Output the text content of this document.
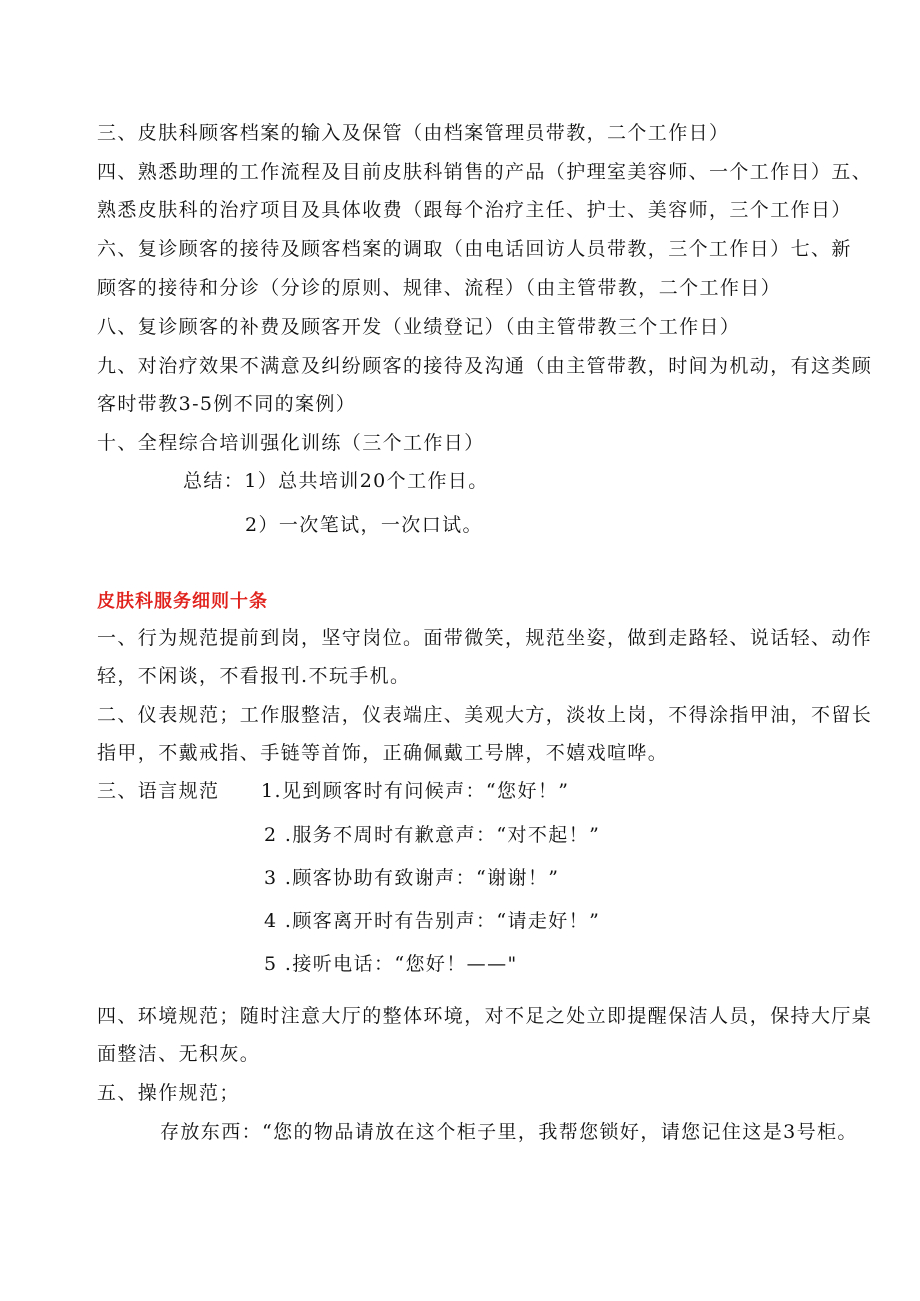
三、皮肤科顾客档案的输入及保管（由档案管理员带教，二个工作日）
四、熟悉助理的工作流程及目前皮肤科销售的产品（护理室美容师、一个工作日）五、
熟悉皮肤科的治疗项目及具体收费（跟每个治疗主任、护士、美容师，三个工作日）
六、复诊顾客的接待及顾客档案的调取（由电话回访人员带教，三个工作日）七、新
顾客的接待和分诊（分诊的原则、规律、流程）（由主管带教，二个工作日）
八、复诊顾客的补费及顾客开发（业绩登记）（由主管带教三个工作日）
九、对治疗效果不满意及纠纷顾客的接待及沟通（由主管带教，时间为机动，有这类顾
客时带教3-5例不同的案例）
十、全程综合培训强化训练（三个工作日）
总结：1）总共培训20个工作日。
2）一次笔试，一次口试。
皮肤科服务细则十条
一、行为规范提前到岗，坚守岗位。面带微笑，规范坐姿，做到走路轻、说话轻、动作
轻，不闲谈，不看报刊.不玩手机。
二、仪表规范；工作服整洁，仪表端庄、美观大方，淡妆上岗，不得涂指甲油，不留长
指甲，不戴戒指、手链等首饰，正确佩戴工号牌，不嬉戏喧哗。
三、语言规范 1.见到顾客时有问候声：“您好！”
2 .服务不周时有歉意声：“对不起！”
3 .顾客协助有致谢声：“谢谢！”
4 .顾客离开时有告别声：“请走好！”
5 .接听电话：“您好！——"
四、环境规范；随时注意大厅的整体环境，对不足之处立即提醒保洁人员，保持大厅桌
面整洁、无积灰。
五、操作规范；
存放东西：“您的物品请放在这个柜子里，我帮您锁好，请您记住这是3号柜。
